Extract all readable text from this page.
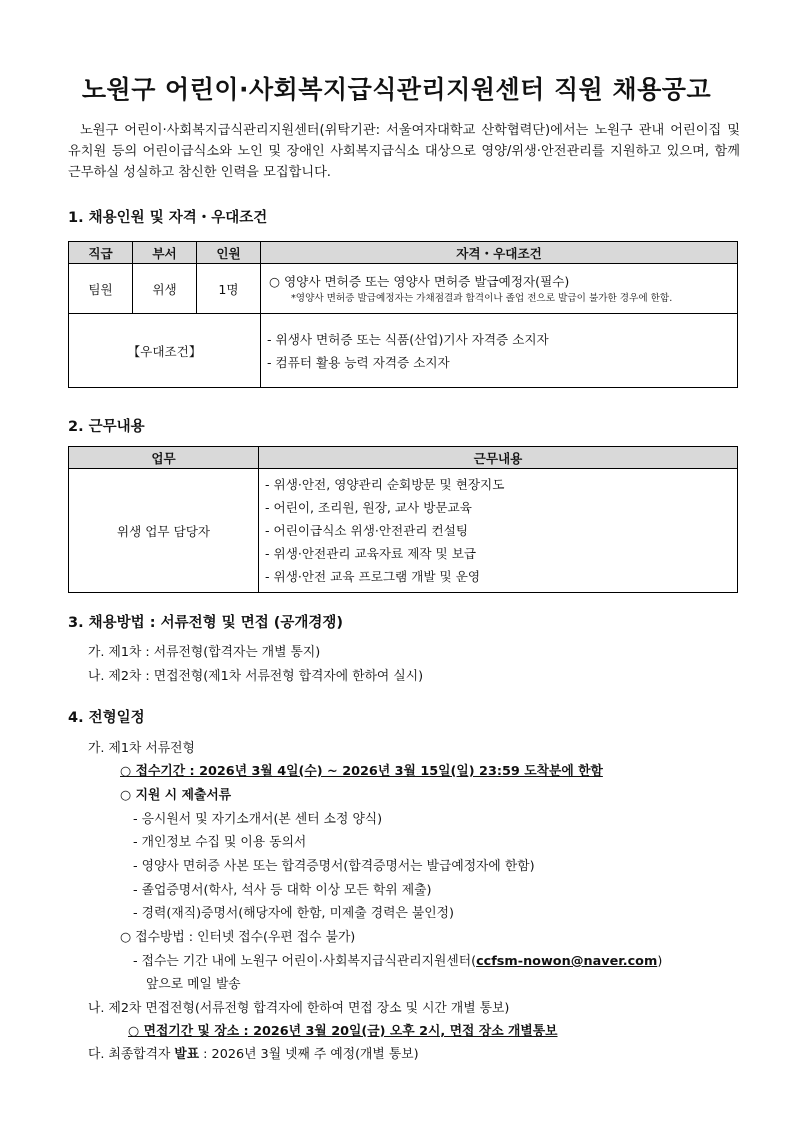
노원구 어린이·사회복지급식관리지원센터 직원 채용공고
노원구 어린이·사회복지급식관리지원센터(위탁기관: 서울여자대학교 산학협력단)에서는 노원구 관내 어린이집 및 유치원 등의 어린이급식소와 노인 및 장애인 사회복지급식소 대상으로 영양/위생·안전관리를 지원하고 있으며, 함께 근무하실 성실하고 참신한 인력을 모집합니다.
1. 채용인원 및 자격・우대조건
직급	부서	인원	자격・우대조건
팀원	위생	1명	○ 영양사 면허증 또는 영양사 면허증 발급예정자(필수)
*영양사 면허증 발급예정자는 가채점결과 합격이나 졸업 전으로 발급이 불가한 경우에 한함.

【우대조건】			- 위생사 면허증 또는 식품(산업)기사 자격증 소지자
- 컴퓨터 활용 능력 자격증 소지자
2. 근무내용
업무	근무내용
위생 업무 담당자	- 위생·안전, 영양관리 순회방문 및 현장지도
- 어린이, 조리원, 원장, 교사 방문교육
- 어린이급식소 위생·안전관리 컨설팅
- 위생·안전관리 교육자료 제작 및 보급
- 위생·안전 교육 프로그램 개발 및 운영
3. 채용방법 : 서류전형 및 면접 (공개경쟁)
가. 제1차 : 서류전형(합격자는 개별 통지)
나. 제2차 : 면접전형(제1차 서류전형 합격자에 한하여 실시)
4. 전형일정
가. 제1차 서류전형
○ 접수기간 : 2026년 3월 4일(수) ~ 2026년 3월 15일(일) 23:59 도착분에 한함
○ 지원 시 제출서류
- 응시원서 및 자기소개서(본 센터 소정 양식)
- 개인정보 수집 및 이용 동의서
- 영양사 면허증 사본 또는 합격증명서(합격증명서는 발급예정자에 한함)
- 졸업증명서(학사, 석사 등 대학 이상 모든 학위 제출)
- 경력(재직)증명서(해당자에 한함, 미제출 경력은 불인정)
○ 접수방법 : 인터넷 접수(우편 접수 불가)
- 접수는 기간 내에 노원구 어린이·사회복지급식관리지원센터(ccfsm-nowon@naver.com)
앞으로 메일 발송
나. 제2차 면접전형(서류전형 합격자에 한하여 면접 장소 및 시간 개별 통보)
○ 면접기간 및 장소 : 2026년 3월 20일(금) 오후 2시, 면접 장소 개별통보
다. 최종합격자 발표 : 2026년 3월 넷째 주 예정(개별 통보)
